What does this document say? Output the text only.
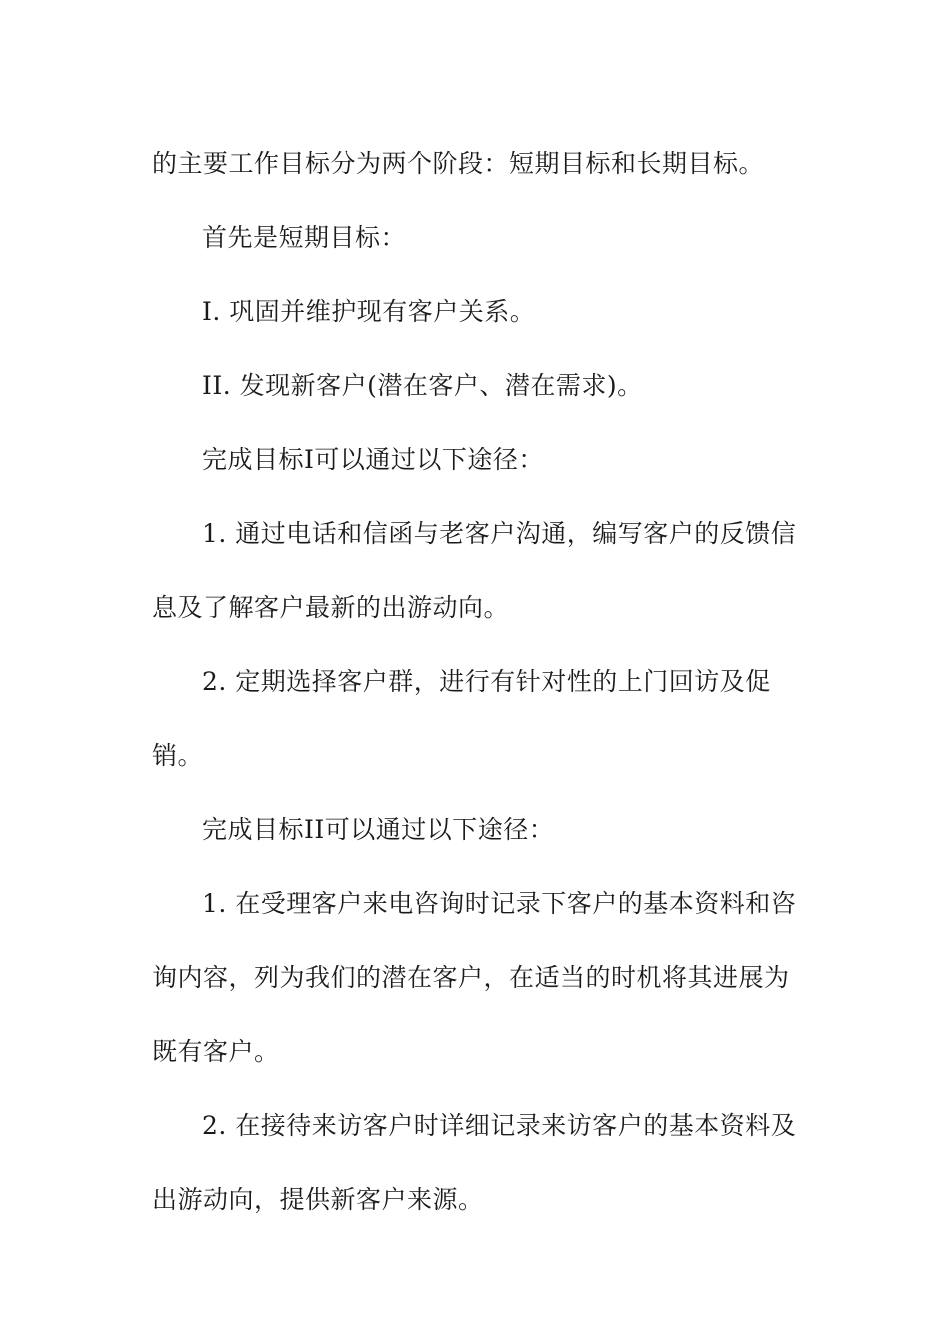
的主要工作目标分为两个阶段：短期目标和长期目标。

首先是短期目标：

I. 巩固并维护现有客户关系。

II. 发现新客户(潜在客户、潜在需求)。

完成目标I可以通过以下途径：

1. 通过电话和信函与老客户沟通，编写客户的反馈信

息及了解客户最新的出游动向。

2. 定期选择客户群，进行有针对性的上门回访及促

销。

完成目标II可以通过以下途径：

1. 在受理客户来电咨询时记录下客户的基本资料和咨

询内容，列为我们的潜在客户，在适当的时机将其进展为

既有客户。

2. 在接待来访客户时详细记录来访客户的基本资料及

出游动向，提供新客户来源。
